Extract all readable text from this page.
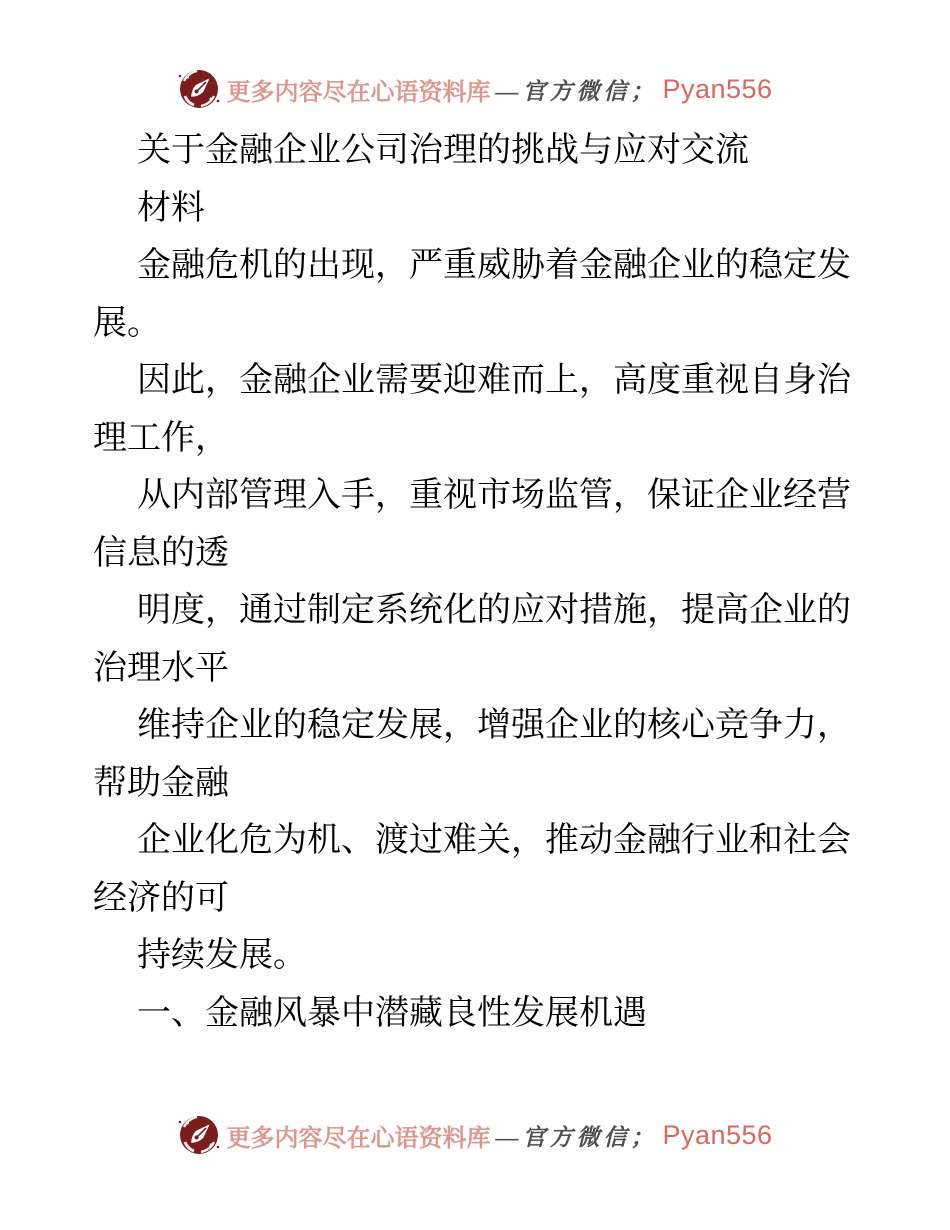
更多内容尽在心语资料库 —官方微信； Pyan556
关于金融企业公司治理的挑战与应对交流
材料
金融危机的出现，严重威胁着金融企业的稳定发
展。
因此，金融企业需要迎难而上，高度重视自身治
理工作，
从内部管理入手，重视市场监管，保证企业经营
信息的透
明度，通过制定系统化的应对措施，提高企业的
治理水平
维持企业的稳定发展，增强企业的核心竞争力，
帮助金融
企业化危为机、渡过难关，推动金融行业和社会
经济的可
持续发展。
一、金融风暴中潜藏良性发展机遇
更多内容尽在心语资料库 —官方微信； Pyan556
